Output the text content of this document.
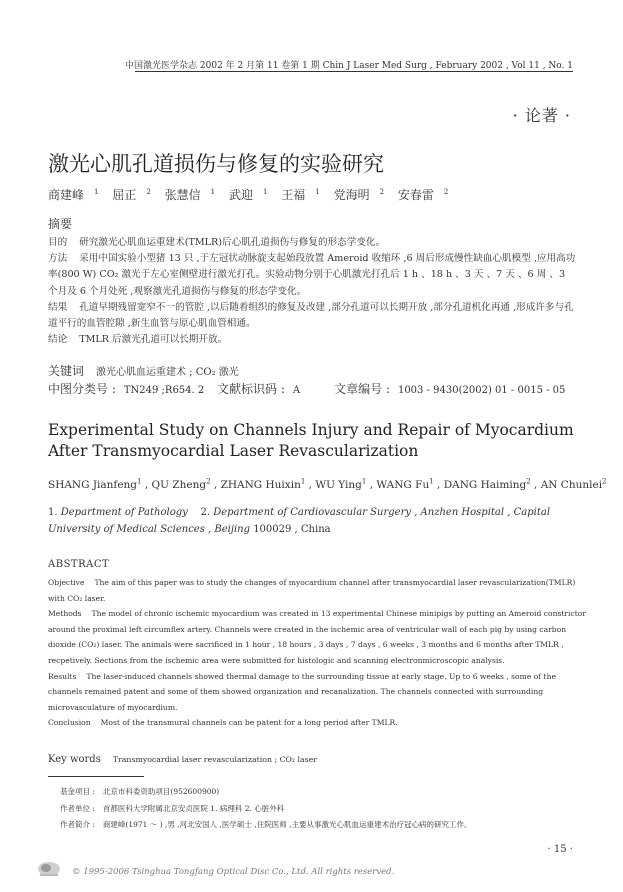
中国激光医学杂志 2002 年 2 月第 11 卷第 1 期 Chin J Laser Med Surg , February 2002 , Vol 11 , No. 1
· 论著 ·
激光心肌孔道损伤与修复的实验研究
商建峰 $^1$ 屈正 $^2$ 张慧信 $^1$ 武迎 $^1$ 王福 $^1$ 党海明 $^2$ 安春雷 $^2$
摘要

目的 研究激光心肌血运重建术(TMLR)后心肌孔道损伤与修复的形态学变化。

方法 采用中国实验小型猪 13 只 ,于左冠状动脉旋支起始段放置 Ameroid 收缩环 ,6 周后形成慢性缺血心肌模型 ,应用高功率(800 W) CO₂ 激光于左心室侧壁进行激光打孔。实验动物分别于心肌激光打孔后 1 h 、18 h 、3 天 、7 天 、6 周 、3 个月及 6 个月处死 ,观察激光孔道损伤与修复的形态学变化。

结果 孔道早期残留宽窄不一的管腔 ,以后随着组织的修复及改建 ,部分孔道可以长期开放 ,部分孔道机化再通 ,形成许多与孔道平行的血管腔隙 ,新生血管与原心肌血管相通。

结论 TMLR 后激光孔道可以长期开放。

关键词 激光心肌血运重建术 ; CO₂ 激光
中图分类号 : TN249 ;R654. 2 文献标识码 : A	文章编号 : 1003 - 9430(2002) 01 - 0015 - 05
Experimental Study on Channels Injury and Repair of Myocardium
After Transmyocardial Laser Revascularization
SHANG Jianfeng$^1$ , QU Zheng$^2$ , ZHANG Huixin$^1$ , WU Ying$^1$ , WANG Fu$^1$ , DANG Haiming$^2$ , AN Chunlei$^2$
1. Department of Pathology 2. Department of Cardiovascular Surgery , Anzhen Hospital , Capital University of Medical Sciences , Beijing 100029 , China
ABSTRACT

Objective The aim of this paper was to study the changes of myocardium channel after transmyocardial laser revascularization(TMLR) with CO₂ laser.

Methods The model of chronic ischemic myocardium was created in 13 experimental Chinese minipigs by putting an Ameroid constrictor around the proximal left circumflex artery. Channels were created in the ischemic area of ventricular wall of each pig by using carbon dioxide (CO₂) laser. The animals were sacrificed in 1 hour , 18 hours , 3 days , 7 days , 6 weeks , 3 months and 6 months after TMLR , recpetively. Sections from the ischemic area were submitted for histologic and scanning electronmicroscopic analysis.

Results The laser-induced channels showed thermal damage to the surrounding tissue at early stage. Up to 6 weeks , some of the channels remained patent and some of them showed organization and recanalization. The channels connected with surrounding microvasculature of myocardium.

Conclusion Most of the transmural channels can be patent for a long period after TMLR.

Key words Transmyocardial laser revascularization ; CO₂ laser

基金项目 : 北京市科委资助项目(952600900)

作者单位 : 首都医科大学附属北京安贞医院 1. 病理科 2. 心脏外科

作者简介 : 商建峰(1971 ～ ) ,男 ,河北安国人 ,医学硕士 ,住院医师 ,主要从事激光心肌血运重建术治疗冠心病的研究工作。

· 15 ·
© 1995-2006 Tsinghua Tongfang Optical Disc Co., Ltd. All rights reserved.
